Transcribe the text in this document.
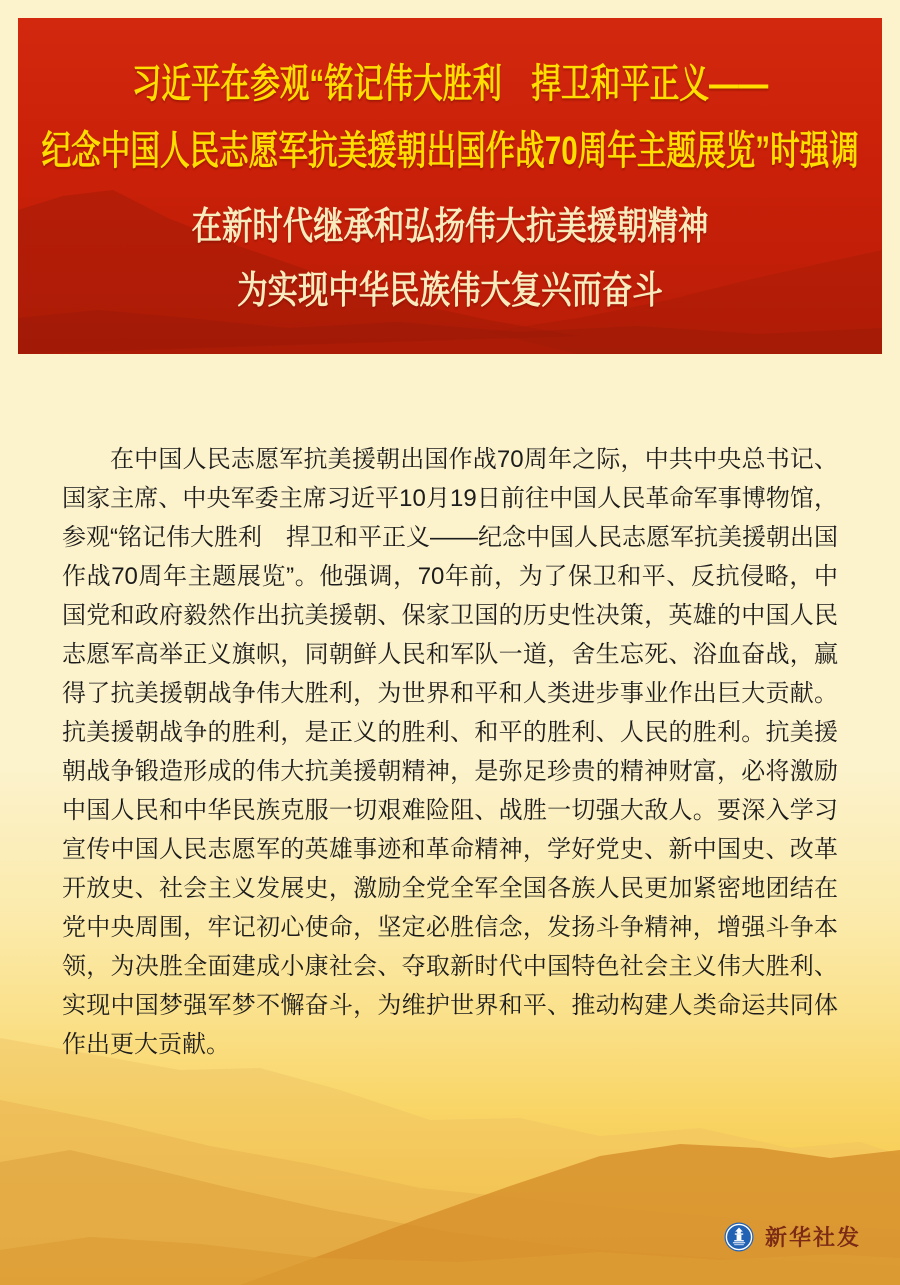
习近平在参观“铭记伟大胜利　捍卫和平正义——
纪念中国人民志愿军抗美援朝出国作战70周年主题展览”时强调
在新时代继承和弘扬伟大抗美援朝精神
为实现中华民族伟大复兴而奋斗

在中国人民志愿军抗美援朝出国作战70周年之际，中共中央总书记、国家主席、中央军委主席习近平10月19日前往中国人民革命军事博物馆，参观“铭记伟大胜利　捍卫和平正义——纪念中国人民志愿军抗美援朝出国作战70周年主题展览”。他强调，70年前，为了保卫和平、反抗侵略，中国党和政府毅然作出抗美援朝、保家卫国的历史性决策，英雄的中国人民志愿军高举正义旗帜，同朝鲜人民和军队一道，舍生忘死、浴血奋战，赢得了抗美援朝战争伟大胜利，为世界和平和人类进步事业作出巨大贡献。抗美援朝战争的胜利，是正义的胜利、和平的胜利、人民的胜利。抗美援朝战争锻造形成的伟大抗美援朝精神，是弥足珍贵的精神财富，必将激励中国人民和中华民族克服一切艰难险阻、战胜一切强大敌人。要深入学习宣传中国人民志愿军的英雄事迹和革命精神，学好党史、新中国史、改革开放史、社会主义发展史，激励全党全军全国各族人民更加紧密地团结在党中央周围，牢记初心使命，坚定必胜信念，发扬斗争精神，增强斗争本领，为决胜全面建成小康社会、夺取新时代中国特色社会主义伟大胜利、实现中国梦强军梦不懈奋斗，为维护世界和平、推动构建人类命运共同体作出更大贡献。

新华社发
